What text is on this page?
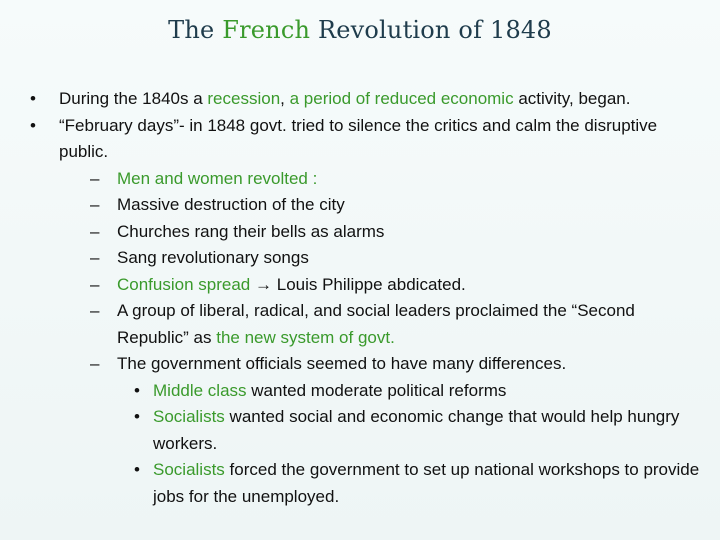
The French Revolution of 1848
•	During the 1840s a recession, a period of reduced economic activity, began.
•	“February days”- in 1848 govt. tried to silence the critics and calm the disruptive public.
– Men and women revolted :
– Massive destruction of the city
– Churches rang their bells as alarms
– Sang revolutionary songs
– Confusion spread → Louis Philippe abdicated.
– A group of liberal, radical, and social leaders proclaimed the “Second Republic” as the new system of govt.
– The government officials seemed to have many differences.
• Middle class wanted moderate political reforms
• Socialists wanted social and economic change that would help hungry workers.
• Socialists forced the government to set up national workshops to provide jobs for the unemployed.
